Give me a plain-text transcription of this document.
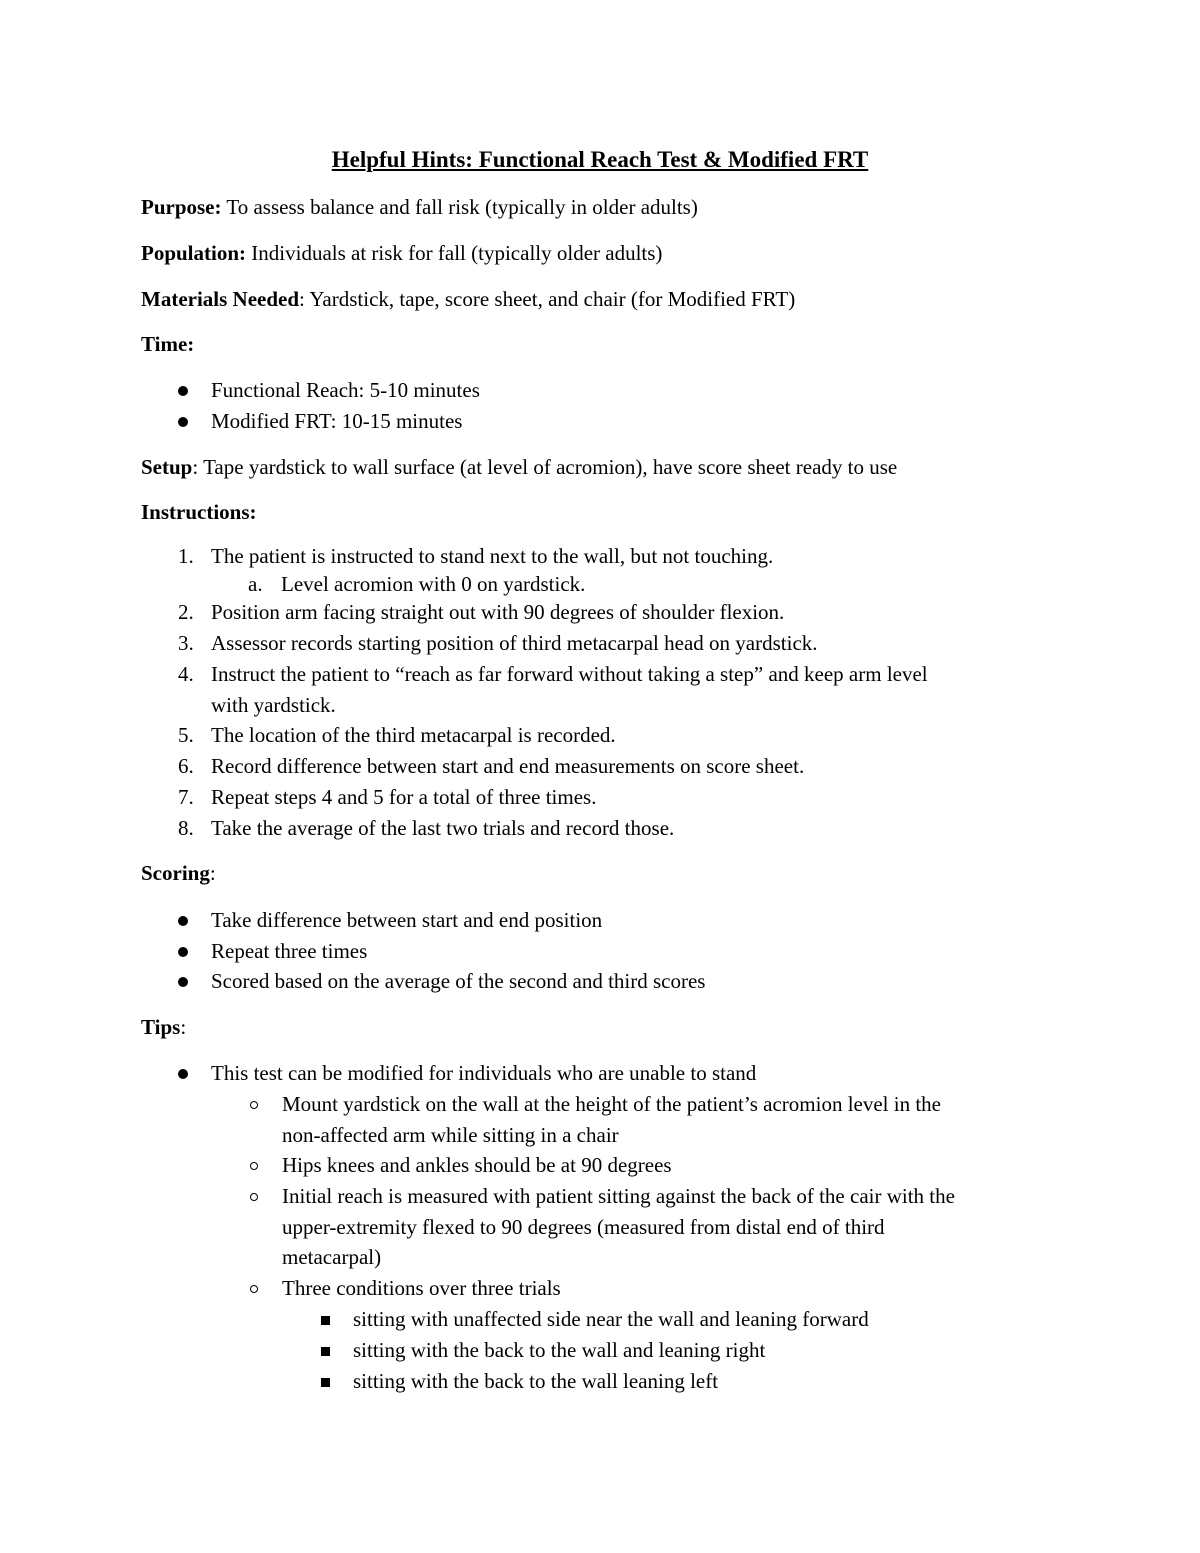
Helpful Hints: Functional Reach Test & Modified FRT
Purpose: To assess balance and fall risk (typically in older adults)
Population: Individuals at risk for fall (typically older adults)
Materials Needed: Yardstick, tape, score sheet, and chair (for Modified FRT)
Time:
Functional Reach: 5-10 minutes
Modified FRT: 10-15 minutes
Setup: Tape yardstick to wall surface (at level of acromion), have score sheet ready to use
Instructions:
1. The patient is instructed to stand next to the wall, but not touching.
a. Level acromion with 0 on yardstick.
2. Position arm facing straight out with 90 degrees of shoulder flexion.
3. Assessor records starting position of third metacarpal head on yardstick.
4. Instruct the patient to “reach as far forward without taking a step” and keep arm level
with yardstick.
5. The location of the third metacarpal is recorded.
6. Record difference between start and end measurements on score sheet.
7. Repeat steps 4 and 5 for a total of three times.
8. Take the average of the last two trials and record those.
Scoring:
Take difference between start and end position
Repeat three times
Scored based on the average of the second and third scores
Tips:
This test can be modified for individuals who are unable to stand
Mount yardstick on the wall at the height of the patient’s acromion level in the
non-affected arm while sitting in a chair
Hips knees and ankles should be at 90 degrees
Initial reach is measured with patient sitting against the back of the cair with the
upper-extremity flexed to 90 degrees (measured from distal end of third
metacarpal)
Three conditions over three trials
sitting with unaffected side near the wall and leaning forward
sitting with the back to the wall and leaning right
sitting with the back to the wall leaning left
